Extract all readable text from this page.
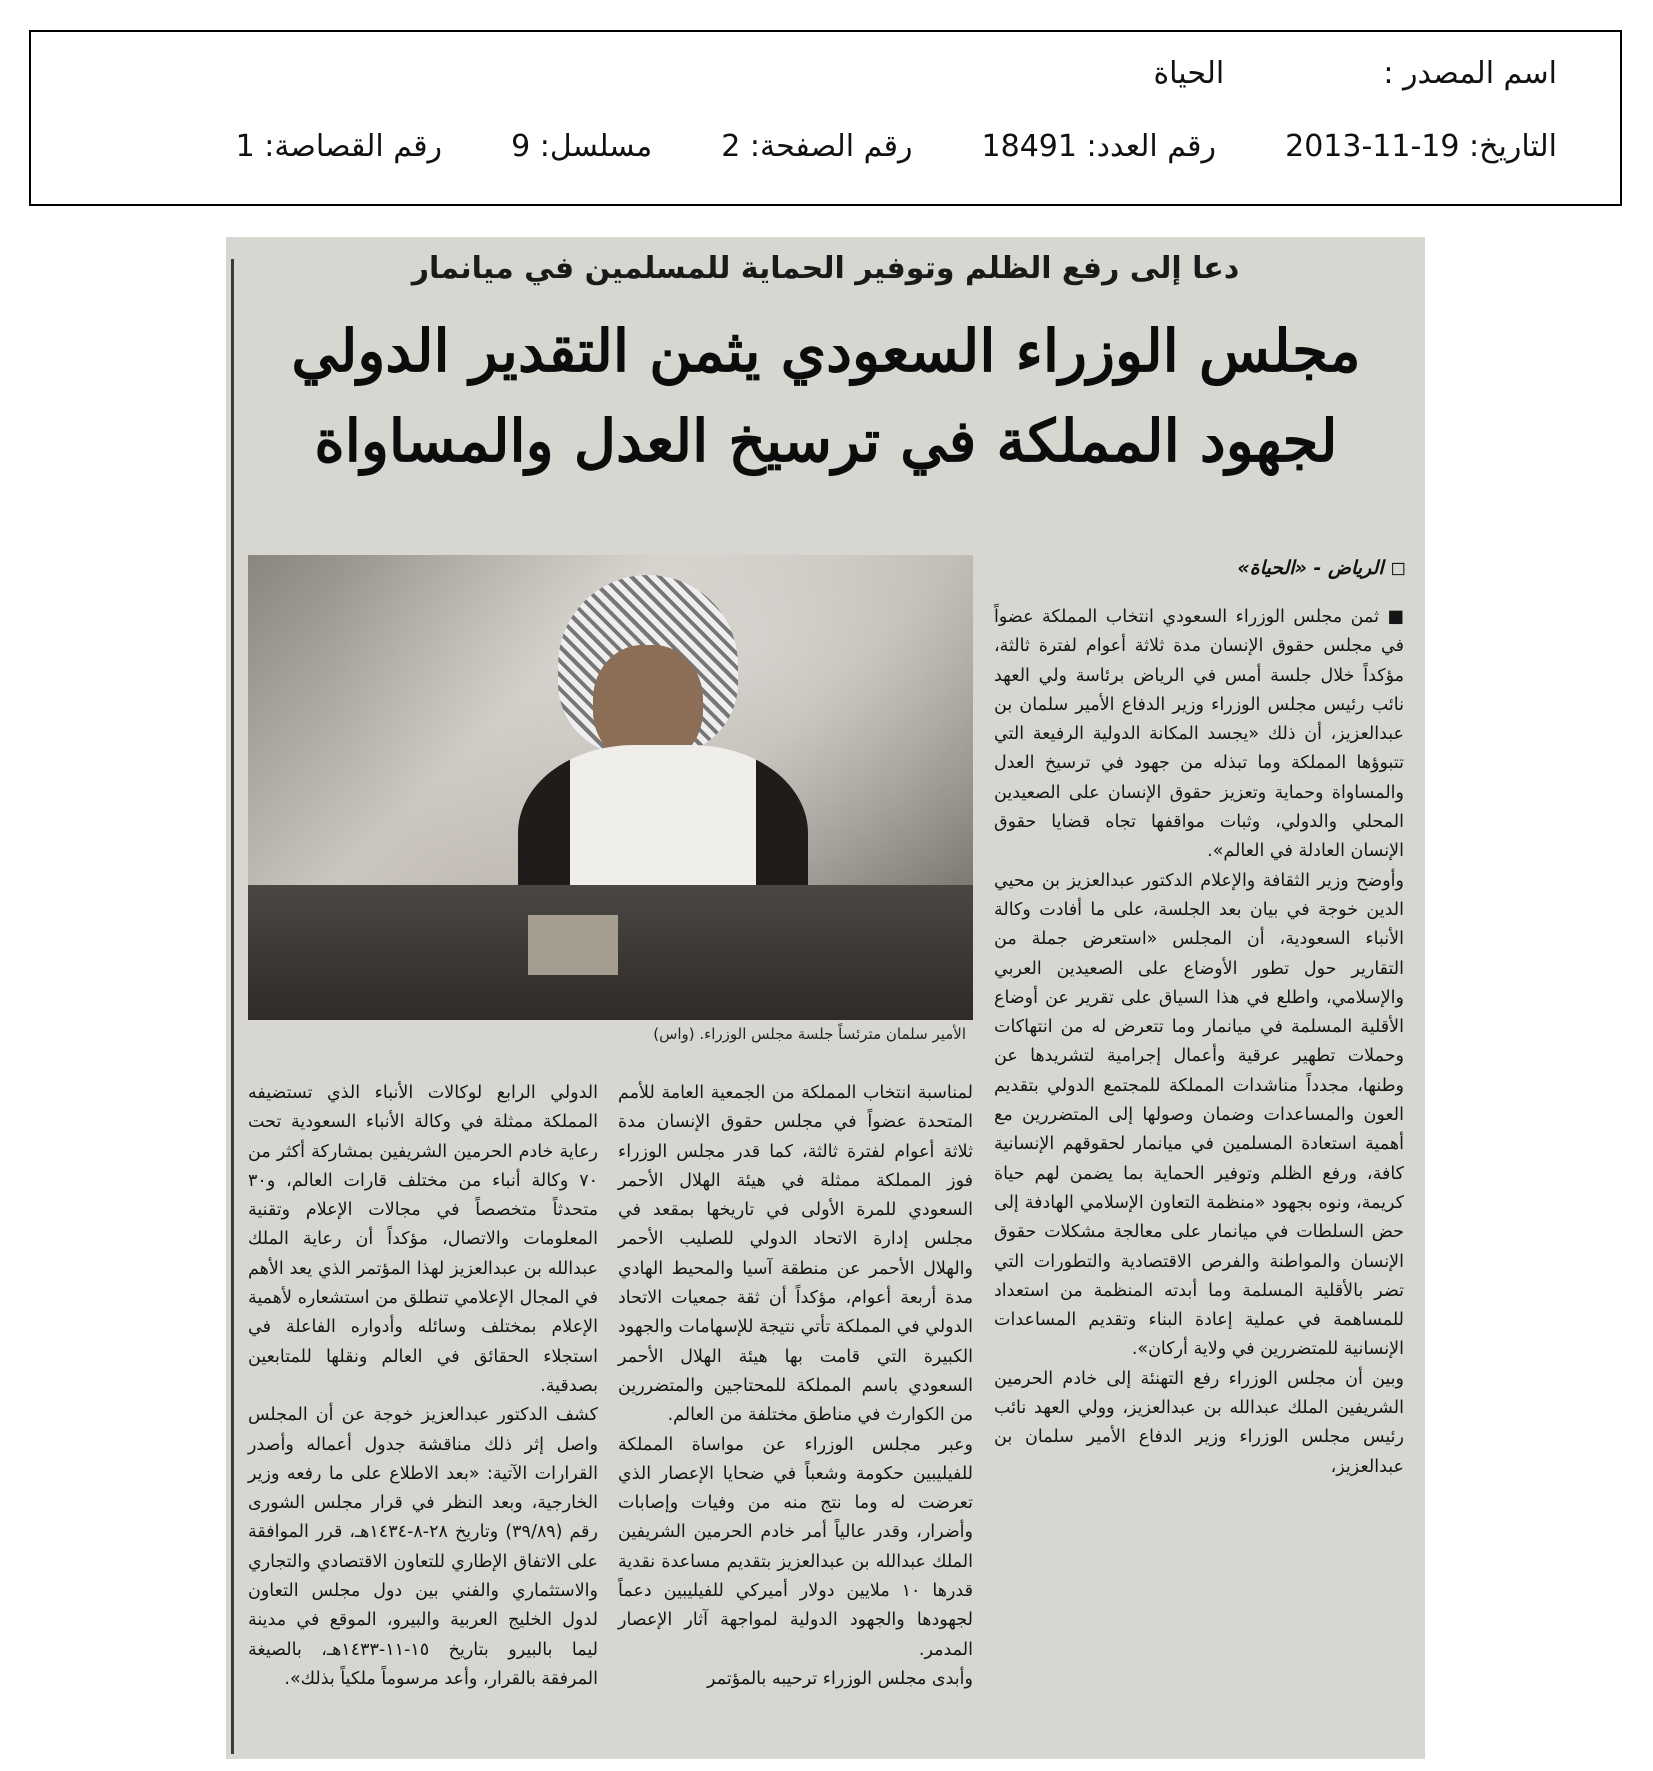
اسم المصدر :  الحياة
التاريخ: 2013-11-19  رقم العدد: 18491  رقم الصفحة: 2  مسلسل: 9  رقم القصاصة: 1
دعا إلى رفع الظلم وتوفير الحماية للمسلمين في ميانمار
مجلس الوزراء السعودي يثمن التقدير الدولي
لجهود المملكة في ترسيخ العدل والمساواة
الأمير سلمان مترئساً جلسة مجلس الوزراء. (واس)
◻ الرياض - «الحياة»

■ ثمن مجلس الوزراء السعودي انتخاب المملكة عضواً في مجلس حقوق الإنسان مدة ثلاثة أعوام لفترة ثالثة، مؤكداً خلال جلسة أمس في الرياض برئاسة ولي العهد نائب رئيس مجلس الوزراء وزير الدفاع الأمير سلمان بن عبدالعزيز، أن ذلك «يجسد المكانة الدولية الرفيعة التي تتبوؤها المملكة وما تبذله من جهود في ترسيخ العدل والمساواة وحماية وتعزيز حقوق الإنسان على الصعيدين المحلي والدولي، وثبات مواقفها تجاه قضايا حقوق الإنسان العادلة في العالم».

وأوضح وزير الثقافة والإعلام الدكتور عبدالعزيز بن محيي الدين خوجة في بيان بعد الجلسة، على ما أفادت وكالة الأنباء السعودية، أن المجلس «استعرض جملة من التقارير حول تطور الأوضاع على الصعيدين العربي والإسلامي، واطلع في هذا السياق على تقرير عن أوضاع الأقلية المسلمة في ميانمار وما تتعرض له من انتهاكات وحملات تطهير عرقية وأعمال إجرامية لتشريدها عن وطنها، مجدداً مناشدات المملكة للمجتمع الدولي بتقديم العون والمساعدات وضمان وصولها إلى المتضررين مع أهمية استعادة المسلمين في ميانمار لحقوقهم الإنسانية كافة، ورفع الظلم وتوفير الحماية بما يضمن لهم حياة كريمة، ونوه بجهود «منظمة التعاون الإسلامي الهادفة إلى حض السلطات في ميانمار على معالجة مشكلات حقوق الإنسان والمواطنة والفرص الاقتصادية والتطورات التي تضر بالأقلية المسلمة وما أبدته المنظمة من استعداد للمساهمة في عملية إعادة البناء وتقديم المساعدات الإنسانية للمتضررين في ولاية أركان».

وبين أن مجلس الوزراء رفع التهنئة إلى خادم الحرمين الشريفين الملك عبدالله بن عبدالعزيز، وولي العهد نائب رئيس مجلس الوزراء وزير الدفاع الأمير سلمان بن عبدالعزيز،

لمناسبة انتخاب المملكة من الجمعية العامة للأمم المتحدة عضواً في مجلس حقوق الإنسان مدة ثلاثة أعوام لفترة ثالثة، كما قدر مجلس الوزراء فوز المملكة ممثلة في هيئة الهلال الأحمر السعودي للمرة الأولى في تاريخها بمقعد في مجلس إدارة الاتحاد الدولي للصليب الأحمر والهلال الأحمر عن منطقة آسيا والمحيط الهادي مدة أربعة أعوام، مؤكداً أن ثقة جمعيات الاتحاد الدولي في المملكة تأتي نتيجة للإسهامات والجهود الكبيرة التي قامت بها هيئة الهلال الأحمر السعودي باسم المملكة للمحتاجين والمتضررين من الكوارث في مناطق مختلفة من العالم.

وعبر مجلس الوزراء عن مواساة المملكة للفيليبين حكومة وشعباً في ضحايا الإعصار الذي تعرضت له وما نتج منه من وفيات وإصابات وأضرار، وقدر عالياً أمر خادم الحرمين الشريفين الملك عبدالله بن عبدالعزيز بتقديم مساعدة نقدية قدرها ١٠ ملايين دولار أميركي للفيليبين دعماً لجهودها والجهود الدولية لمواجهة آثار الإعصار المدمر.

وأبدى مجلس الوزراء ترحيبه بالمؤتمر

الدولي الرابع لوكالات الأنباء الذي تستضيفه المملكة ممثلة في وكالة الأنباء السعودية تحت رعاية خادم الحرمين الشريفين بمشاركة أكثر من ٧٠ وكالة أنباء من مختلف قارات العالم، و٣٠ متحدثاً متخصصاً في مجالات الإعلام وتقنية المعلومات والاتصال، مؤكداً أن رعاية الملك عبدالله بن عبدالعزيز لهذا المؤتمر الذي يعد الأهم في المجال الإعلامي تنطلق من استشعاره لأهمية الإعلام بمختلف وسائله وأدواره الفاعلة في استجلاء الحقائق في العالم ونقلها للمتابعين بصدقية.

كشف الدكتور عبدالعزيز خوجة عن أن المجلس واصل إثر ذلك مناقشة جدول أعماله وأصدر القرارات الآتية: «بعد الاطلاع على ما رفعه وزير الخارجية، وبعد النظر في قرار مجلس الشورى رقم (٣٩/٨٩) وتاريخ ٢٨-٨-١٤٣٤هـ، قرر الموافقة على الاتفاق الإطاري للتعاون الاقتصادي والتجاري والاستثماري والفني بين دول مجلس التعاون لدول الخليج العربية والبيرو، الموقع في مدينة ليما بالبيرو بتاريخ ١٥-١١-١٤٣٣هـ، بالصيغة المرفقة بالقرار، وأعد مرسوماً ملكياً بذلك».
